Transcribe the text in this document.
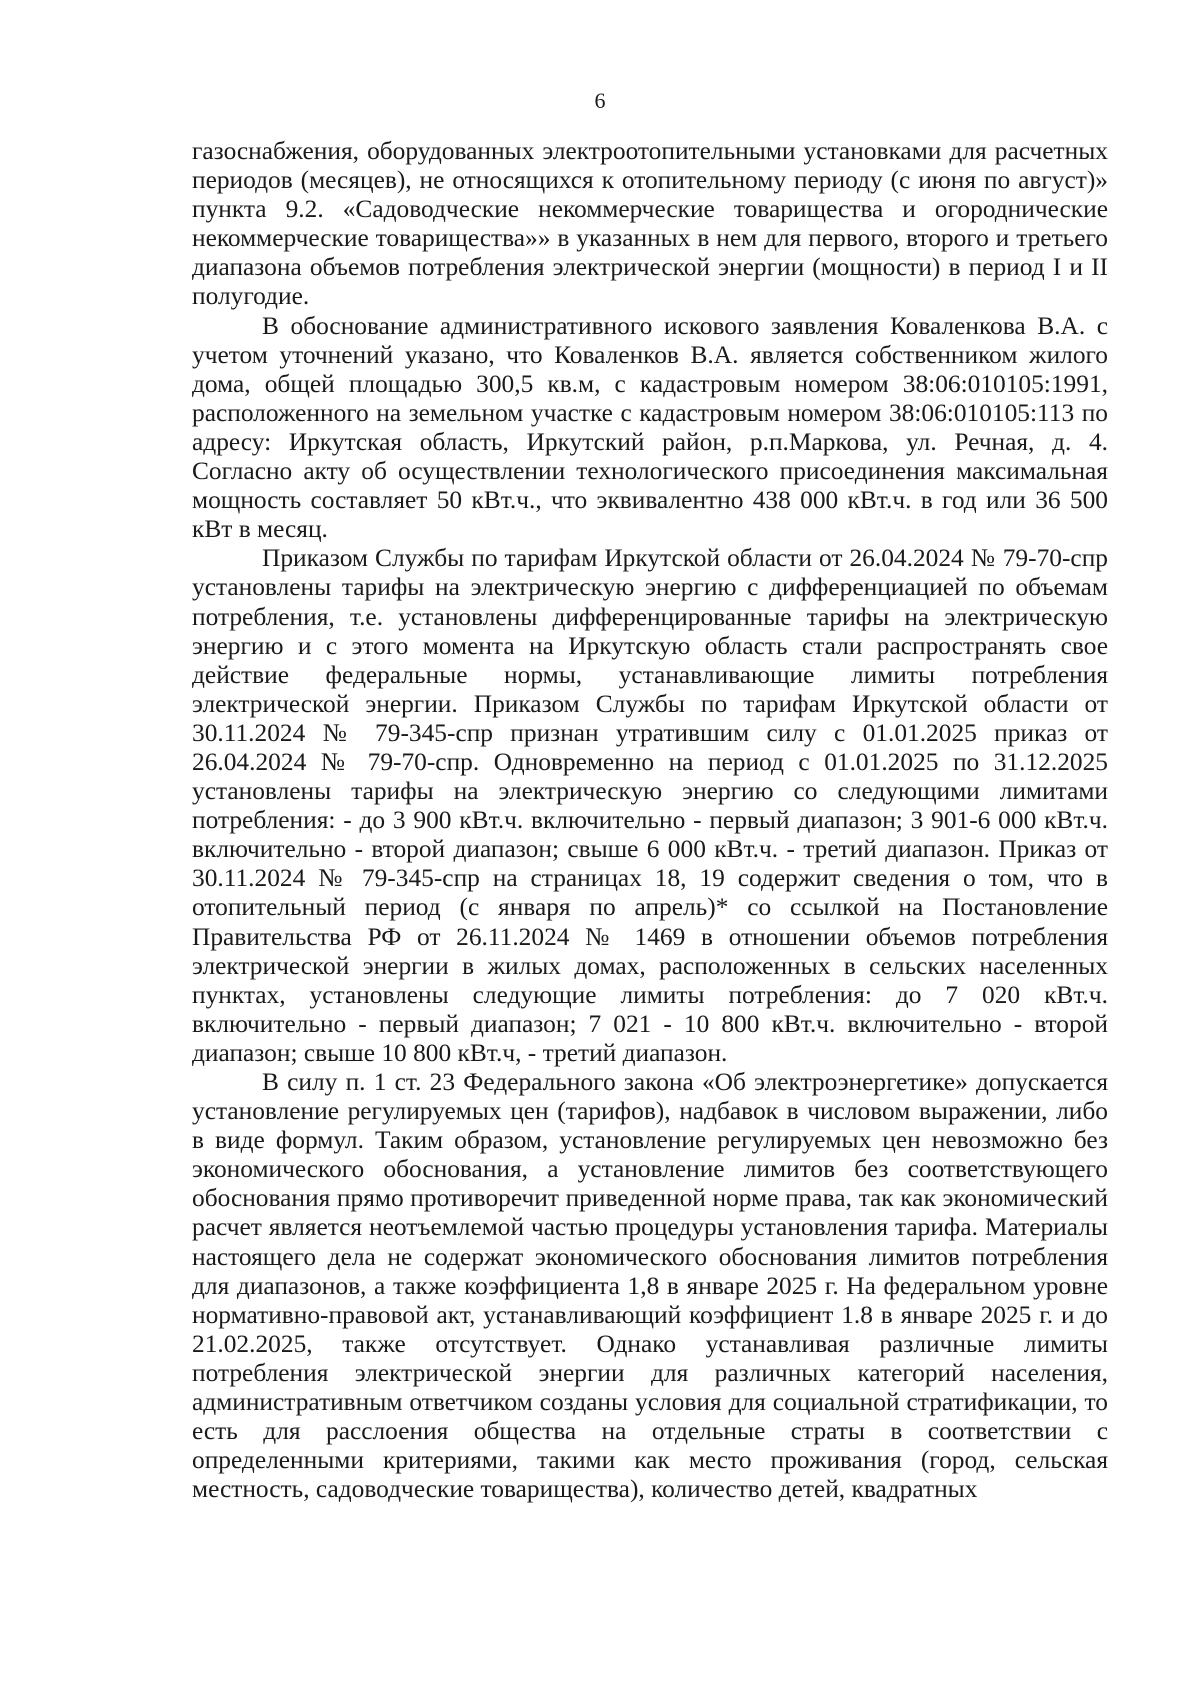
6

газоснабжения, оборудованных электроотопительными установками для расчетных периодов (месяцев), не относящихся к отопительному периоду (с июня по август)» пункта 9.2. «Садоводческие некоммерческие товарищества и огороднические некоммерческие товарищества»» в указанных в нем для первого, второго и третьего диапазона объемов потребления электрической энергии (мощности) в период I и II полугодие.

В обоснование административного искового заявления Коваленкова В.А. с учетом уточнений указано, что Коваленков В.А. является собственником жилого дома, общей площадью 300,5 кв.м, с кадастровым номером 38:06:010105:1991, расположенного на земельном участке с кадастровым номером 38:06:010105:113 по адресу: Иркутская область, Иркутский район, р.п.Маркова, ул. Речная, д. 4. Согласно акту об осуществлении технологического присоединения максимальная мощность составляет 50 кВт.ч., что эквивалентно 438 000 кВт.ч. в год или 36 500 кВт в месяц.

Приказом Службы по тарифам Иркутской области от 26.04.2024 № 79-70-спр установлены тарифы на электрическую энергию с дифференциацией по объемам потребления, т.е. установлены дифференцированные тарифы на электрическую энергию и с этого момента на Иркутскую область стали распространять свое действие федеральные нормы, устанавливающие лимиты потребления электрической энергии. Приказом Службы по тарифам Иркутской области от 30.11.2024 № 79-345-спр признан утратившим силу с 01.01.2025 приказ от 26.04.2024 № 79-70-спр. Одновременно на период с 01.01.2025 по 31.12.2025 установлены тарифы на электрическую энергию со следующими лимитами потребления: - до 3 900 кВт.ч. включительно - первый диапазон; 3 901-6 000 кВт.ч. включительно - второй диапазон; свыше 6 000 кВт.ч. - третий диапазон. Приказ от 30.11.2024 № 79-345-спр на страницах 18, 19 содержит сведения о том, что в отопительный период (с января по апрель)* со ссылкой на Постановление Правительства РФ от 26.11.2024 № 1469 в отношении объемов потребления электрической энергии в жилых домах, расположенных в сельских населенных пунктах, установлены следующие лимиты потребления: до 7 020 кВт.ч. включительно - первый диапазон; 7 021 - 10 800 кВт.ч. включительно - второй диапазон; свыше 10 800 кВт.ч, - третий диапазон.

В силу п. 1 ст. 23 Федерального закона «Об электроэнергетике» допускается установление регулируемых цен (тарифов), надбавок в числовом выражении, либо в виде формул. Таким образом, установление регулируемых цен невозможно без экономического обоснования, а установление лимитов без соответствующего обоснования прямо противоречит приведенной норме права, так как экономический расчет является неотъемлемой частью процедуры установления тарифа. Материалы настоящего дела не содержат экономического обоснования лимитов потребления для диапазонов, а также коэффициента 1,8 в январе 2025 г. На федеральном уровне нормативно-правовой акт, устанавливающий коэффициент 1.8 в январе 2025 г. и до 21.02.2025, также отсутствует. Однако устанавливая различные лимиты потребления электрической энергии для различных категорий населения, административным ответчиком созданы условия для социальной стратификации, то есть для расслоения общества на отдельные страты в соответствии с определенными критериями, такими как место проживания (город, сельская местность, садоводческие товарищества), количество детей, квадратных
